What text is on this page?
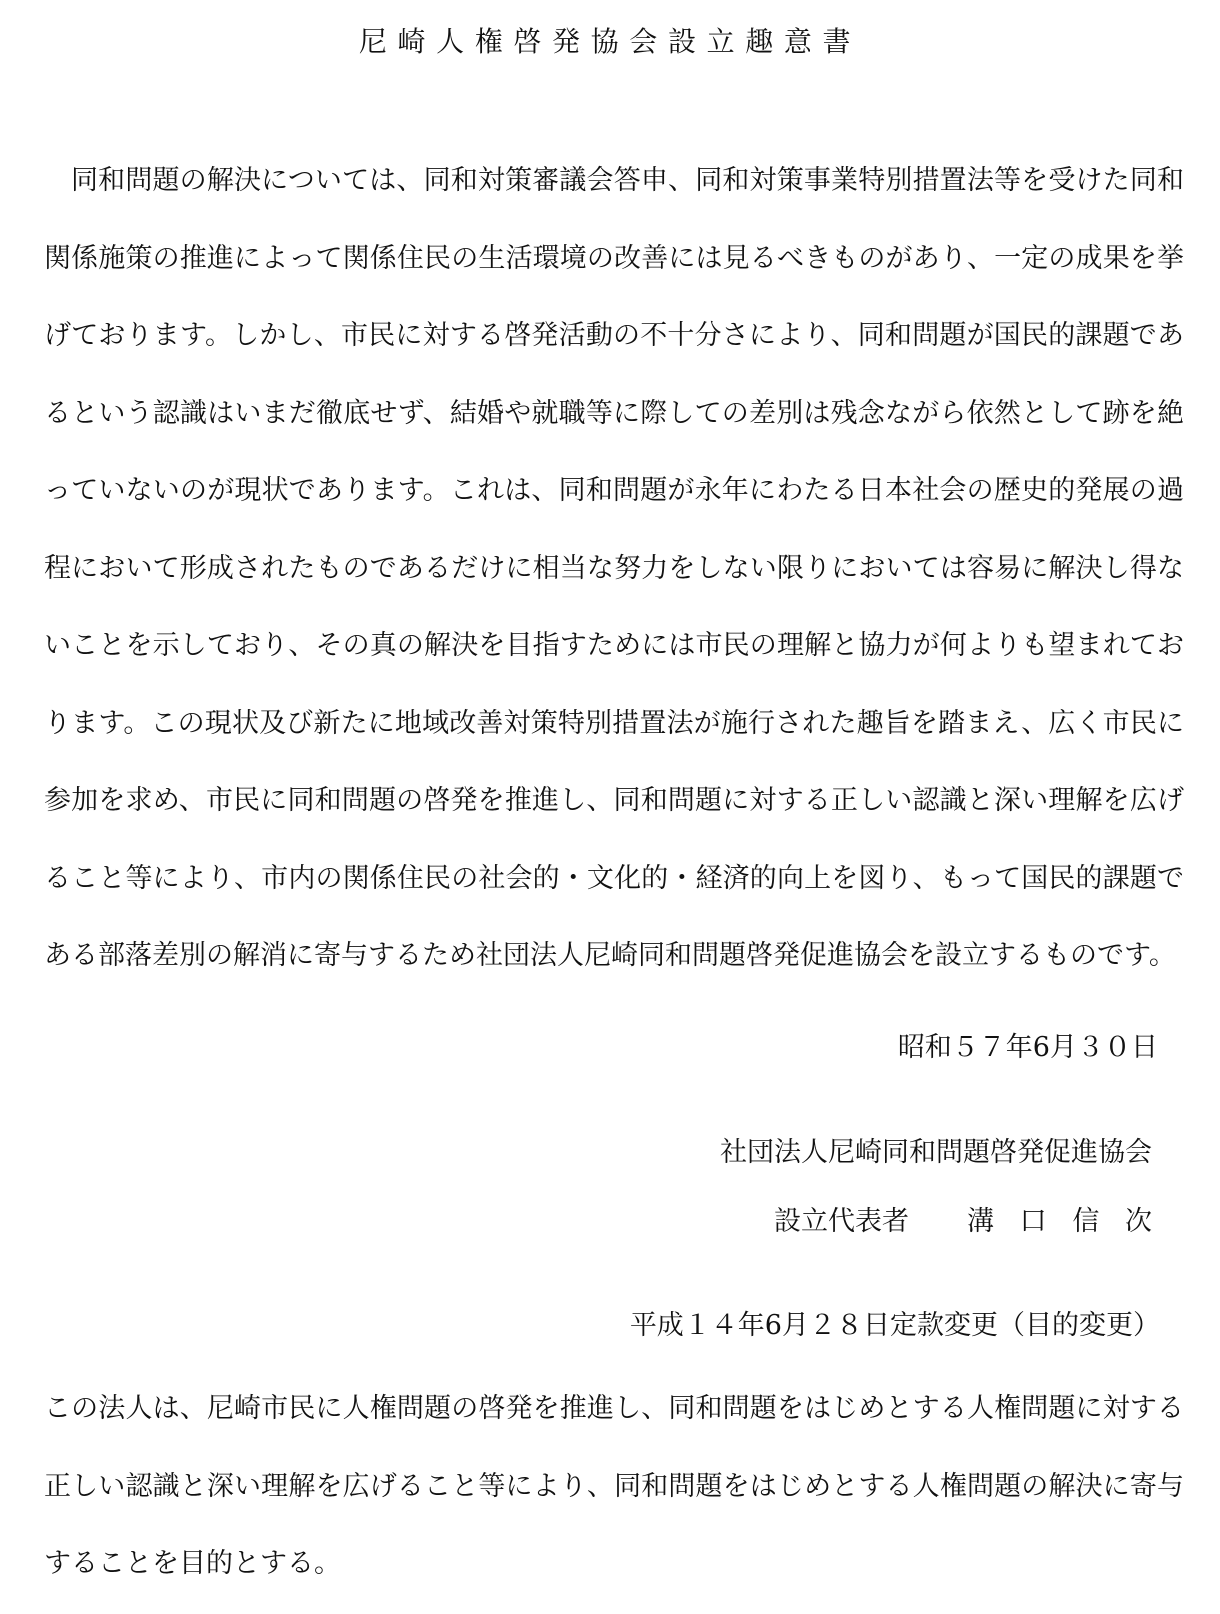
尼崎人権啓発協会設立趣意書

同和問題の解決については、同和対策審議会答申、同和対策事業特別措置法等を受けた同和関係施策の推進によって関係住民の生活環境の改善には見るべきものがあり、一定の成果を挙げております。しかし、市民に対する啓発活動の不十分さにより、同和問題が国民的課題であるという認識はいまだ徹底せず、結婚や就職等に際しての差別は残念ながら依然として跡を絶っていないのが現状であります。これは、同和問題が永年にわたる日本社会の歴史的発展の過程において形成されたものであるだけに相当な努力をしない限りにおいては容易に解決し得ないことを示しており、その真の解決を目指すためには市民の理解と協力が何よりも望まれております。この現状及び新たに地域改善対策特別措置法が施行された趣旨を踏まえ、広く市民に参加を求め、市民に同和問題の啓発を推進し、同和問題に対する正しい認識と深い理解を広げること等により、市内の関係住民の社会的・文化的・経済的向上を図り、もって国民的課題である部落差別の解消に寄与するため社団法人尼崎同和問題啓発促進協会を設立するものです。

昭和５７年6月３０日
社団法人尼崎同和問題啓発促進協会
設立代表者 溝口信次
平成１４年6月２８日定款変更（目的変更）

この法人は、尼崎市民に人権問題の啓発を推進し、同和問題をはじめとする人権問題に対する正しい認識と深い理解を広げること等により、同和問題をはじめとする人権問題の解決に寄与することを目的とする。
